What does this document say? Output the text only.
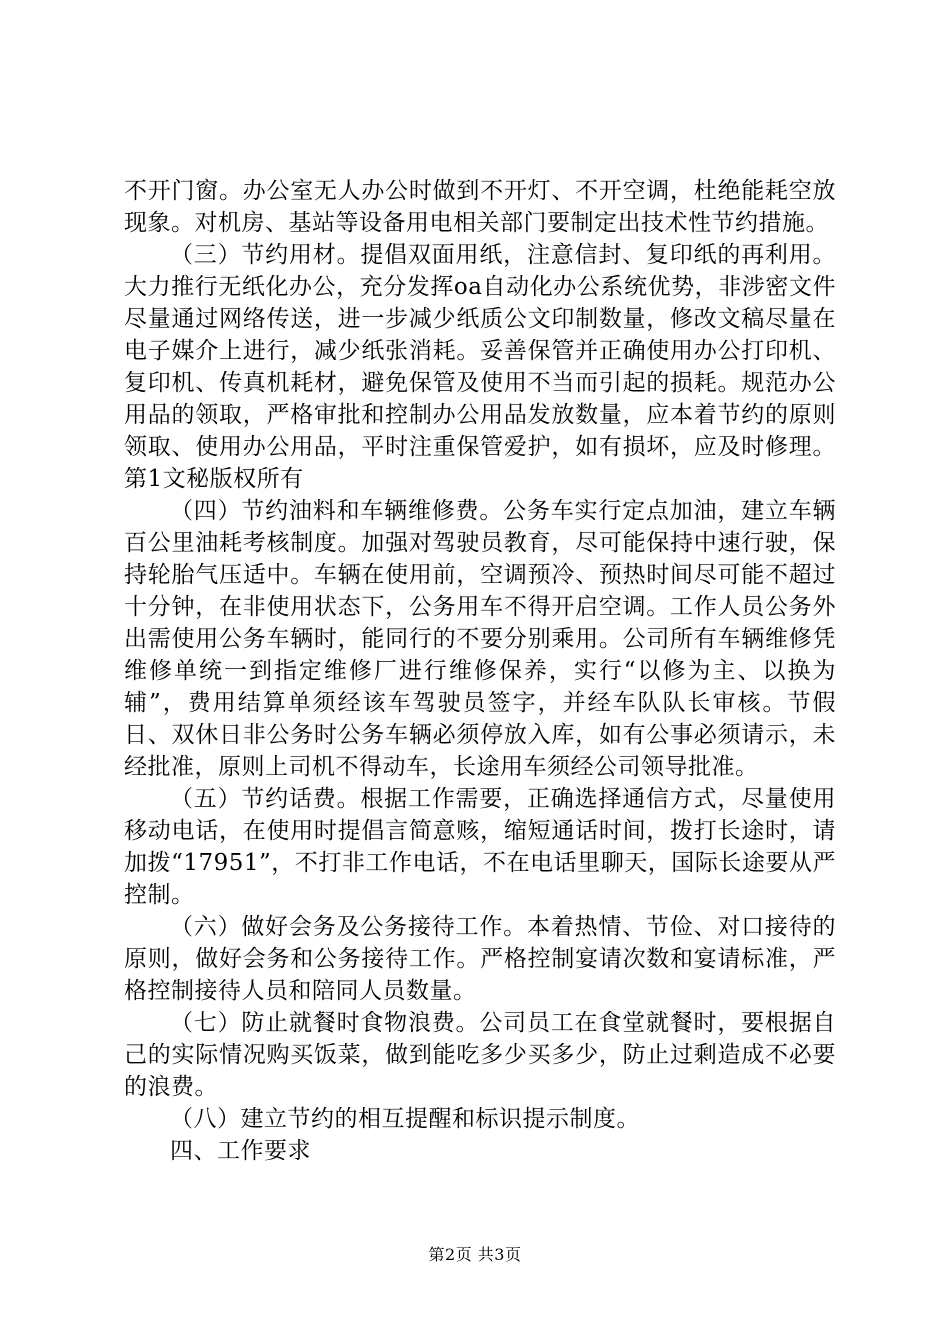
不开门窗。办公室无人办公时做到不开灯、不开空调，杜绝能耗空放现象。对机房、基站等设备用电相关部门要制定出技术性节约措施。

（三）节约用材。提倡双面用纸，注意信封、复印纸的再利用。大力推行无纸化办公，充分发挥oa自动化办公系统优势，非涉密文件尽量通过网络传送，进一步减少纸质公文印制数量，修改文稿尽量在电子媒介上进行，减少纸张消耗。妥善保管并正确使用办公打印机、复印机、传真机耗材，避免保管及使用不当而引起的损耗。规范办公用品的领取，严格审批和控制办公用品发放数量，应本着节约的原则领取、使用办公用品，平时注重保管爱护，如有损坏，应及时修理。第1文秘版权所有

（四）节约油料和车辆维修费。公务车实行定点加油，建立车辆百公里油耗考核制度。加强对驾驶员教育，尽可能保持中速行驶，保持轮胎气压适中。车辆在使用前，空调预冷、预热时间尽可能不超过十分钟，在非使用状态下，公务用车不得开启空调。工作人员公务外出需使用公务车辆时，能同行的不要分别乘用。公司所有车辆维修凭维修单统一到指定维修厂进行维修保养，实行“以修为主、以换为辅”，费用结算单须经该车驾驶员签字，并经车队队长审核。节假日、双休日非公务时公务车辆必须停放入库，如有公事必须请示，未经批准，原则上司机不得动车，长途用车须经公司领导批准。

（五）节约话费。根据工作需要，正确选择通信方式，尽量使用移动电话，在使用时提倡言简意赅，缩短通话时间，拨打长途时，请加拨“17951”，不打非工作电话，不在电话里聊天，国际长途要从严控制。

（六）做好会务及公务接待工作。本着热情、节俭、对口接待的原则，做好会务和公务接待工作。严格控制宴请次数和宴请标准，严格控制接待人员和陪同人员数量。

（七）防止就餐时食物浪费。公司员工在食堂就餐时，要根据自己的实际情况购买饭菜，做到能吃多少买多少，防止过剩造成不必要的浪费。

（八）建立节约的相互提醒和标识提示制度。

四、工作要求

第2页 共3页
